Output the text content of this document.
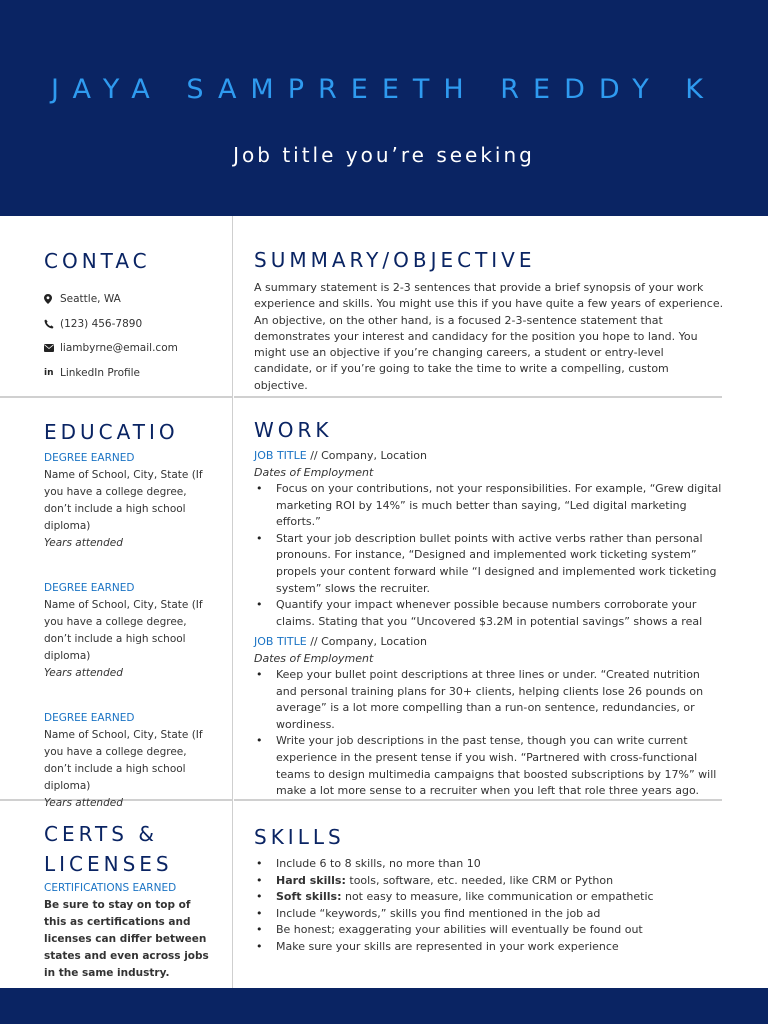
JAYA SAMPREETH REDDY K
Job title you’re seeking
CONTAC
Seattle, WA
(123) 456-7890
liambyrne@email.com
in LinkedIn Profile
EDUCATIO
DEGREE EARNED
Name of School, City, State (If you have a college degree, don’t include a high school diploma)
Years attended
DEGREE EARNED
Name of School, City, State (If you have a college degree, don’t include a high school diploma)
Years attended
DEGREE EARNED
Name of School, City, State (If you have a college degree, don’t include a high school diploma)
Years attended
SUMMARY/OBJECTIVE
A summary statement is 2-3 sentences that provide a brief synopsis of your work experience and skills. You might use this if you have quite a few years of experience. An objective, on the other hand, is a focused 2-3-sentence statement that demonstrates your interest and candidacy for the position you hope to land. You might use an objective if you’re changing careers, a student or entry-level candidate, or if you’re going to take the time to write a compelling, custom objective.
WORK
JOB TITLE // Company, Location
Dates of Employment
• Focus on your contributions, not your responsibilities. For example, “Grew digital marketing ROI by 14%” is much better than saying, “Led digital marketing efforts.”
• Start your job description bullet points with active verbs rather than personal pronouns. For instance, “Designed and implemented work ticketing system” propels your content forward while “I designed and implemented work ticketing system” slows the recruiter.
• Quantify your impact whenever possible because numbers corroborate your claims. Stating that you “Uncovered $3.2M in potential savings” shows a real
JOB TITLE // Company, Location
Dates of Employment
• Keep your bullet point descriptions at three lines or under. “Created nutrition and personal training plans for 30+ clients, helping clients lose 26 pounds on average” is a lot more compelling than a run-on sentence, redundancies, or wordiness.
• Write your job descriptions in the past tense, though you can write current experience in the present tense if you wish. “Partnered with cross-functional teams to design multimedia campaigns that boosted subscriptions by 17%” will make a lot more sense to a recruiter when you left that role three years ago.
CERTS &
LICENSES
CERTIFICATIONS EARNED
Be sure to stay on top of this as certifications and licenses can differ between states and even across jobs in the same industry.
SKILLS
• Include 6 to 8 skills, no more than 10
• Hard skills: tools, software, etc. needed, like CRM or Python
• Soft skills: not easy to measure, like communication or empathetic
• Include “keywords,” skills you find mentioned in the job ad
• Be honest; exaggerating your abilities will eventually be found out
• Make sure your skills are represented in your work experience
